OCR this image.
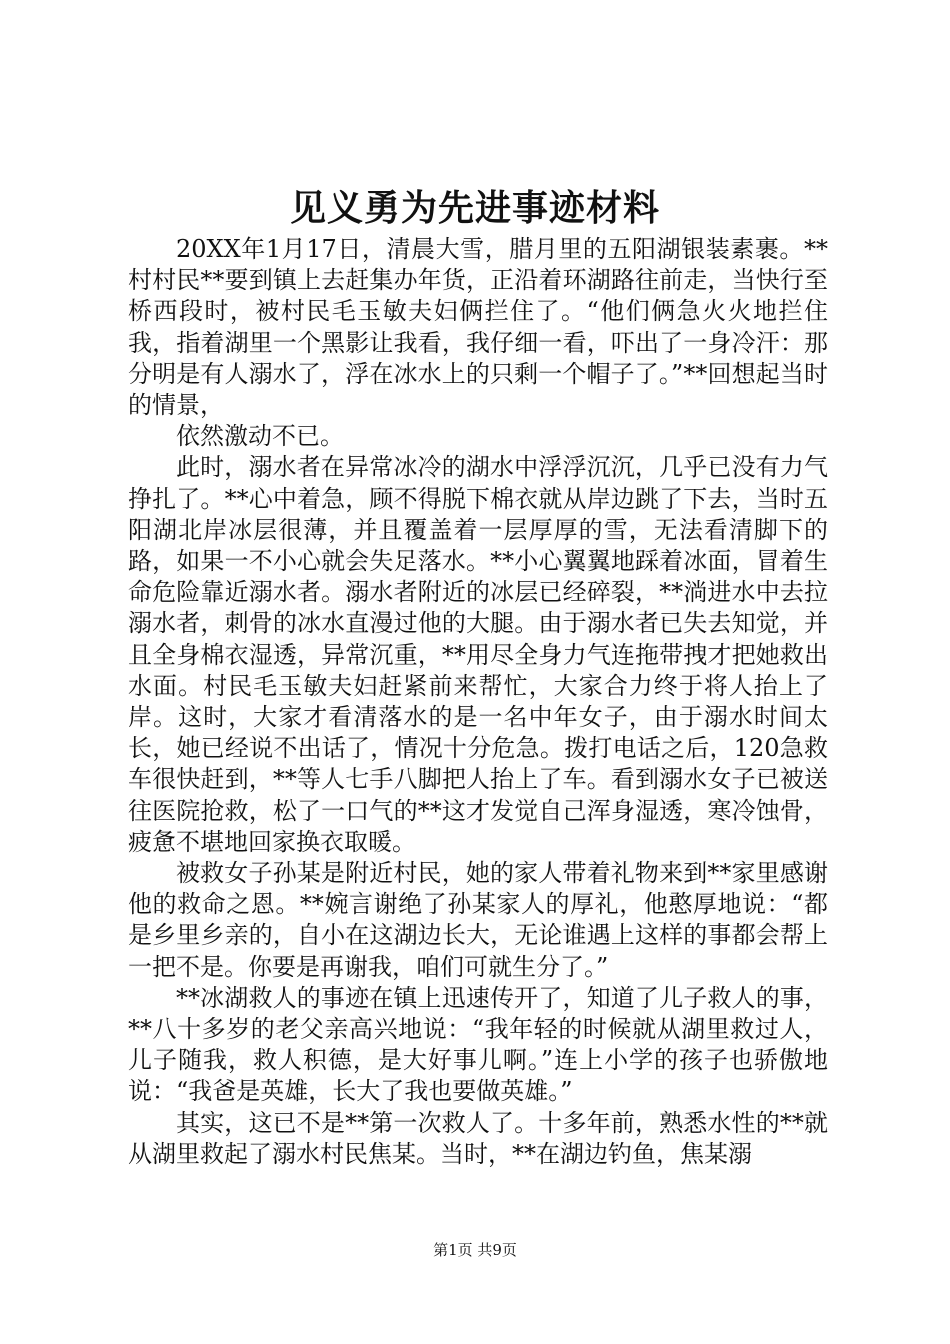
见义勇为先进事迹材料

20XX年1月17日，清晨大雪，腊月里的五阳湖银装素裹。**村村民**要到镇上去赶集办年货，正沿着环湖路往前走，当快行至桥西段时，被村民毛玉敏夫妇俩拦住了。“他们俩急火火地拦住我，指着湖里一个黑影让我看，我仔细一看，吓出了一身冷汗：那分明是有人溺水了，浮在冰水上的只剩一个帽子了。”**回想起当时的情景，

依然激动不已。

此时，溺水者在异常冰冷的湖水中浮浮沉沉，几乎已没有力气挣扎了。**心中着急，顾不得脱下棉衣就从岸边跳了下去，当时五阳湖北岸冰层很薄，并且覆盖着一层厚厚的雪，无法看清脚下的路，如果一不小心就会失足落水。**小心翼翼地踩着冰面，冒着生命危险靠近溺水者。溺水者附近的冰层已经碎裂，**淌进水中去拉溺水者，刺骨的冰水直漫过他的大腿。由于溺水者已失去知觉，并且全身棉衣湿透，异常沉重，**用尽全身力气连拖带拽才把她救出水面。村民毛玉敏夫妇赶紧前来帮忙，大家合力终于将人抬上了岸。这时，大家才看清落水的是一名中年女子，由于溺水时间太长，她已经说不出话了，情况十分危急。拨打电话之后，120急救车很快赶到，**等人七手八脚把人抬上了车。看到溺水女子已被送往医院抢救，松了一口气的**这才发觉自己浑身湿透，寒冷蚀骨，疲惫不堪地回家换衣取暖。

被救女子孙某是附近村民，她的家人带着礼物来到**家里感谢他的救命之恩。**婉言谢绝了孙某家人的厚礼，他憨厚地说：“都是乡里乡亲的，自小在这湖边长大，无论谁遇上这样的事都会帮上一把不是。你要是再谢我，咱们可就生分了。”

**冰湖救人的事迹在镇上迅速传开了，知道了儿子救人的事，**八十多岁的老父亲高兴地说：“我年轻的时候就从湖里救过人，儿子随我，救人积德，是大好事儿啊。”连上小学的孩子也骄傲地说：“我爸是英雄，长大了我也要做英雄。”

其实，这已不是**第一次救人了。十多年前，熟悉水性的**就从湖里救起了溺水村民焦某。当时，**在湖边钓鱼，焦某溺

第1页 共9页
